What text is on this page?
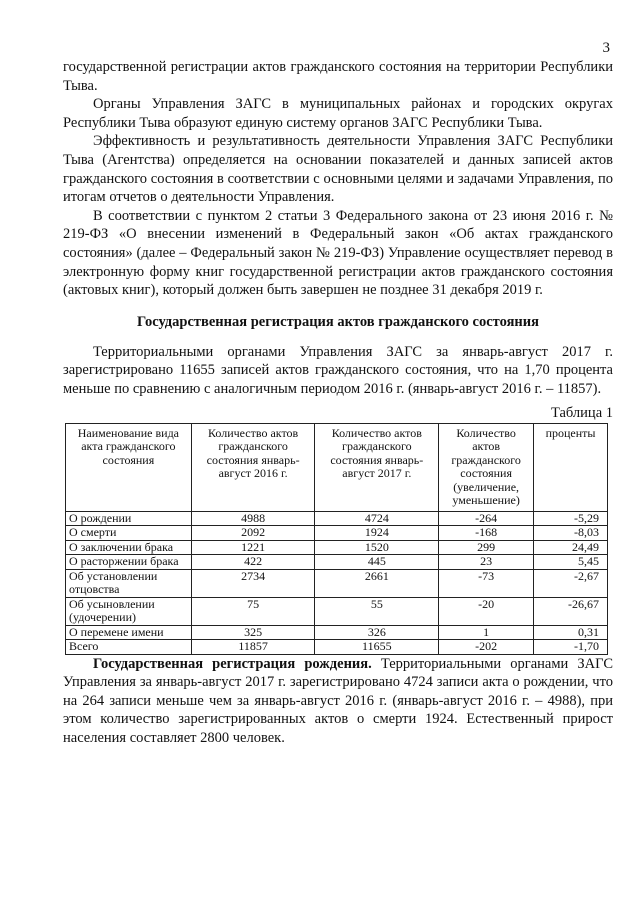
3

государственной регистрации актов гражданского состояния на территории Республики Тыва.

Органы Управления ЗАГС в муниципальных районах и городских округах Республики Тыва образуют единую систему органов ЗАГС Республики Тыва.

Эффективность и результативность деятельности Управления ЗАГС Республики Тыва (Агентства) определяется на основании показателей и данных записей актов гражданского состояния в соответствии с основными целями и задачами Управления, по итогам отчетов о деятельности Управления.

В соответствии с пунктом 2 статьи 3 Федерального закона от 23 июня 2016 г. № 219-ФЗ «О внесении изменений в Федеральный закон «Об актах гражданского состояния» (далее – Федеральный закон № 219-ФЗ) Управление осуществляет перевод в электронную форму книг государственной регистрации актов гражданского состояния (актовых книг), который должен быть завершен не позднее 31 декабря 2019 г.

Государственная регистрация актов гражданского состояния

Территориальными органами Управления ЗАГС за январь-август 2017 г. зарегистрировано 11655 записей актов гражданского состояния, что на 1,70 процента меньше по сравнению с аналогичным периодом 2016 г. (январь-август 2016 г. – 11857).

Таблица 1
Наименование вида акта гражданского состояния	Количество актов гражданского состояния январь-август 2016 г.	Количество актов гражданского состояния январь-август 2017 г.	Количество актов гражданского состояния (увеличение, уменьшение)	проценты
О рождении	4988	4724	-264	-5,29
О смерти	2092	1924	-168	-8,03
О заключении брака	1221	1520	299	24,49
О расторжении брака	422	445	23	5,45
Об установлении отцовства	2734	2661	-73	-2,67
Об усыновлении (удочерении)	75	55	-20	-26,67
О перемене имени	325	326	1	0,31
Всего	11857	11655	-202	-1,70

Государственная регистрация рождения. Территориальными органами ЗАГС Управления за январь-август 2017 г. зарегистрировано 4724 записи акта о рождении, что на 264 записи меньше чем за январь-август 2016 г. (январь-август 2016 г. – 4988), при этом количество зарегистрированных актов о смерти 1924. Естественный прирост населения составляет 2800 человек.
